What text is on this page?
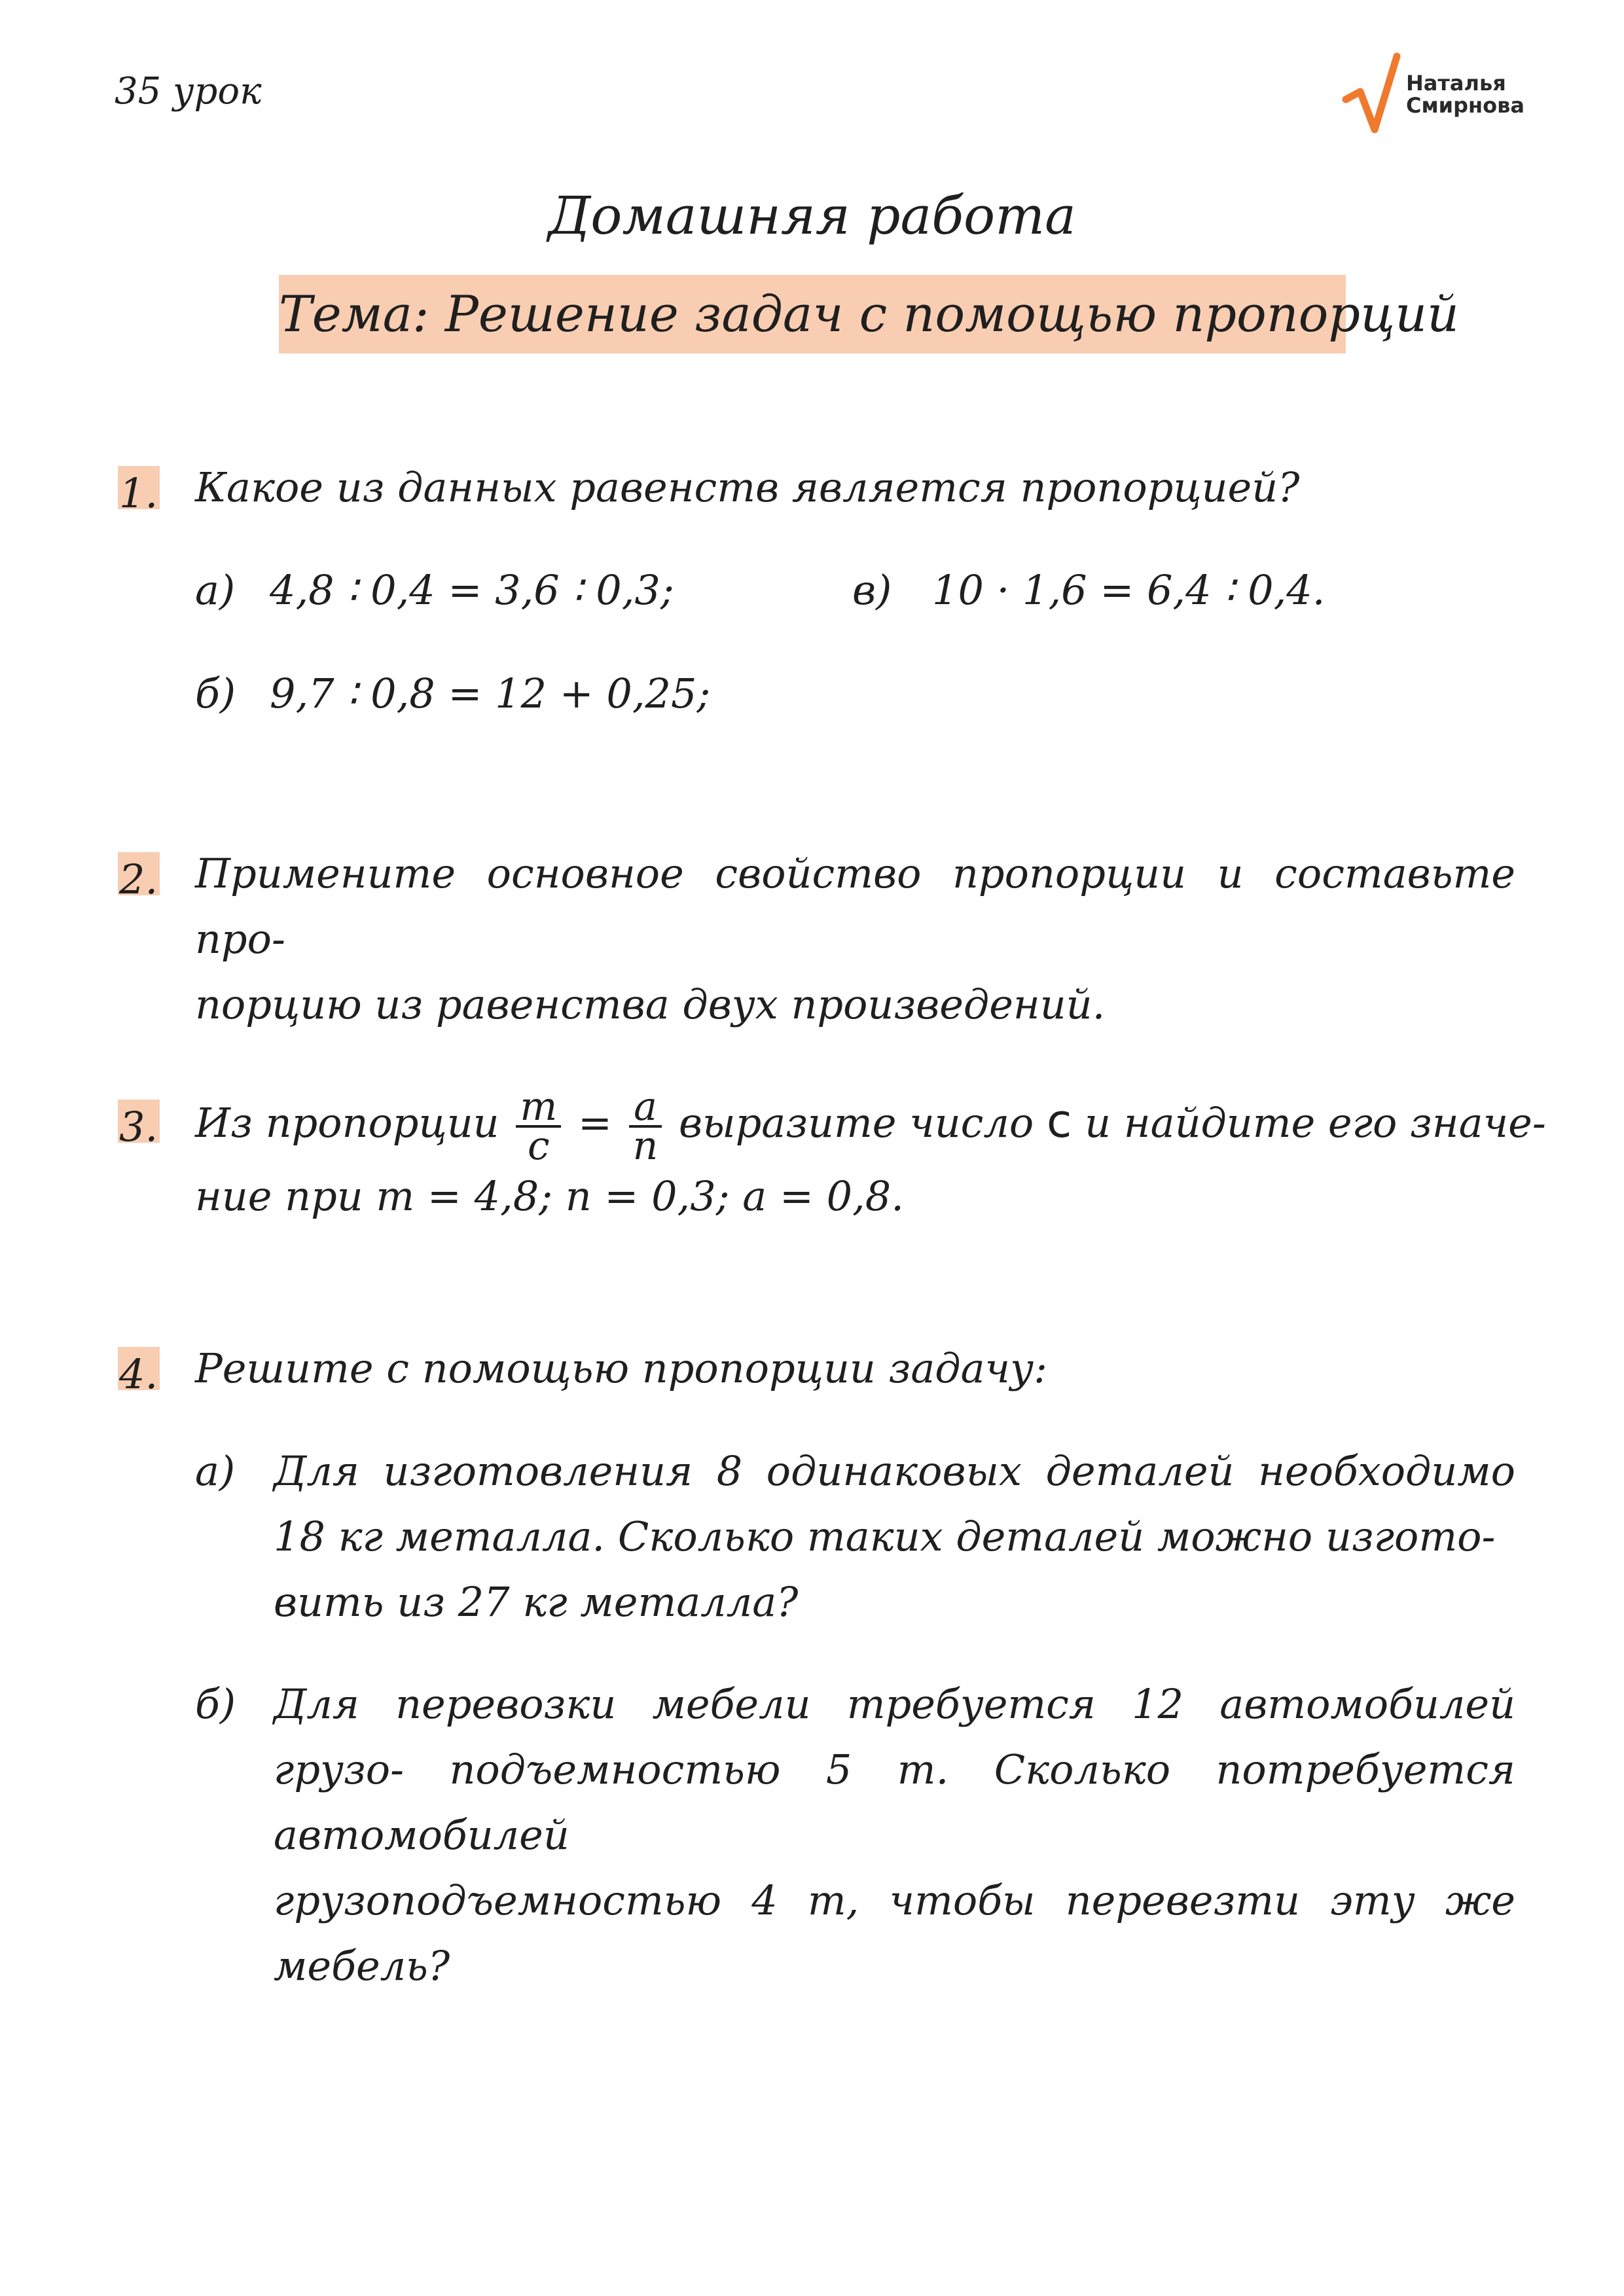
35 урок	Наталья
Смирнова
Домашняя работа
Тема: Решение задач с помощью пропорций
1. Какое из данных равенств является пропорцией?
а) 4,8 ∶ 0,4 = 3,6 ∶ 0,3;	в) 10 · 1,6 = 6,4 ∶ 0,4.
б) 9,7 ∶ 0,8 = 12 + 0,25;
2. Примените основное свойство пропорции и составьте про-
порцию из равенства двух произведений.
3. Из пропорции $\frac{m}{c} = \frac{a}{n}$ выразите число с и найдите его значе-
ние при m = 4,8; n = 0,3; a = 0,8.
4. Решите с помощью пропорции задачу:
а) Для изготовления 8 одинаковых деталей необходимо 18 кг металла. Сколько таких деталей можно изгото-
вить из 27 кг металла?
б) Для перевозки мебели требуется 12 автомобилей грузо- подъемностью 5 т. Сколько потребуется автомобилей
грузоподъемностью 4 т, чтобы перевезти эту же мебель?
